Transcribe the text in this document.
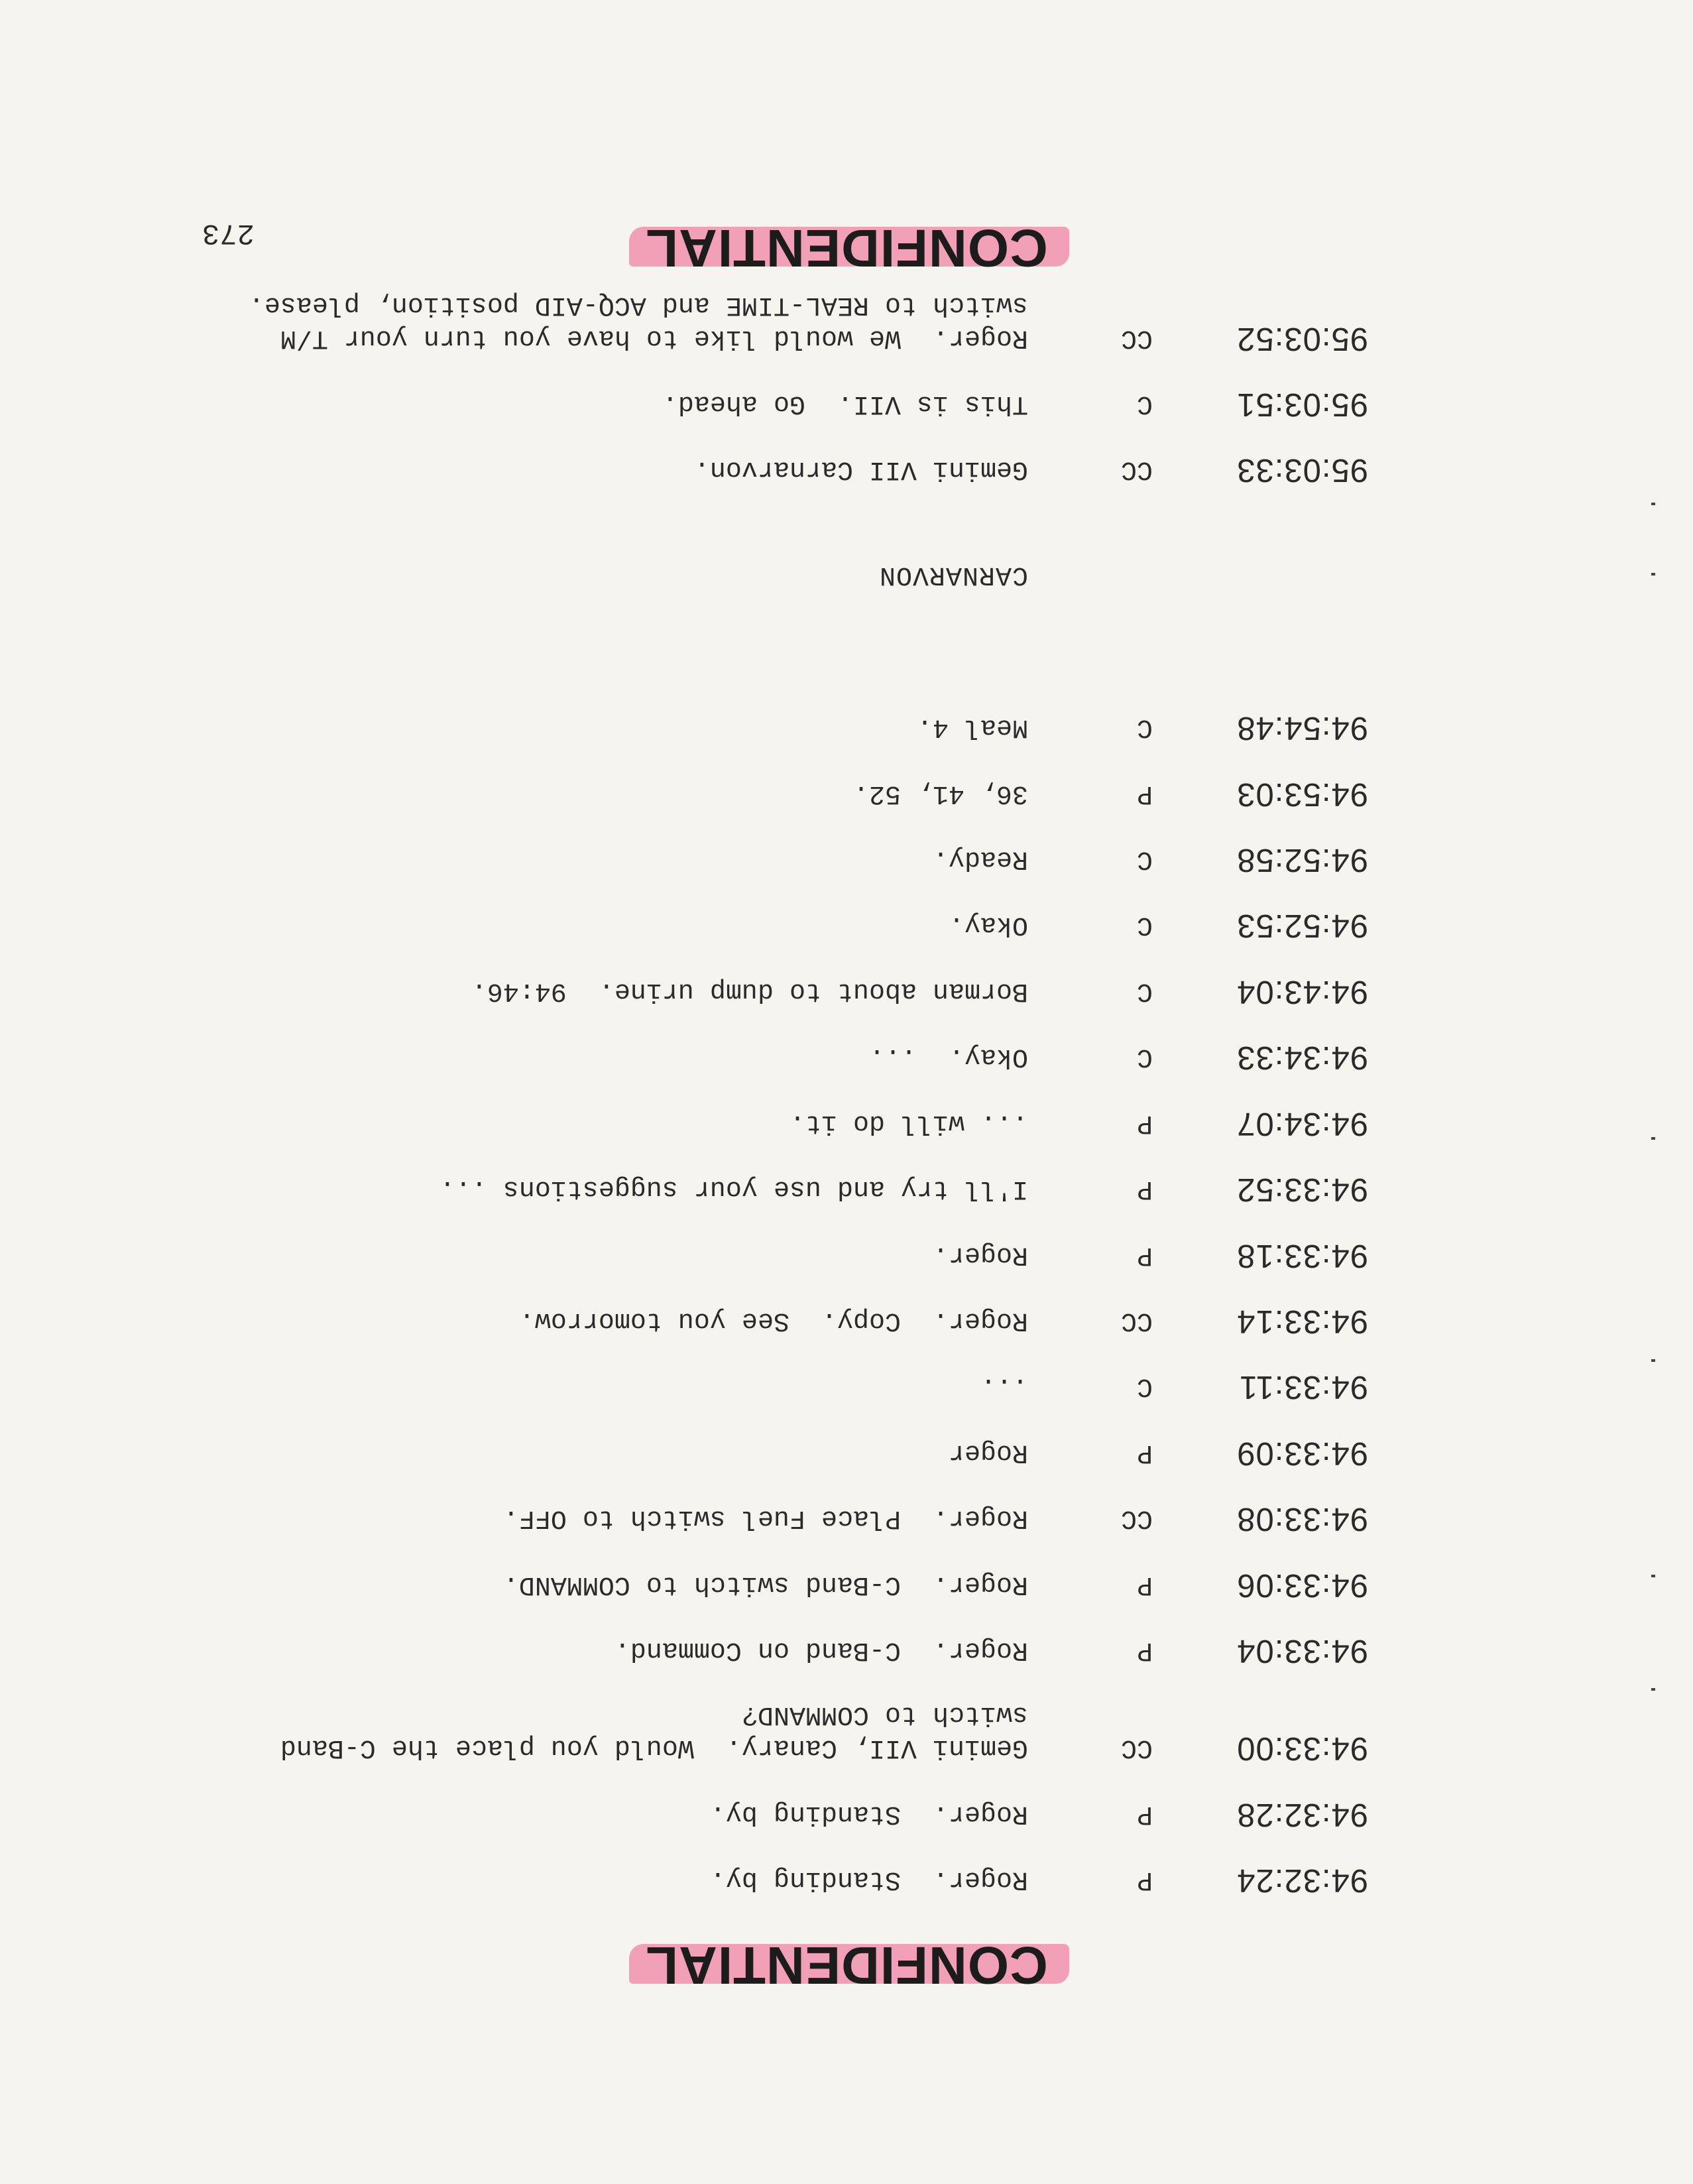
CONFIDENTIAL
273
94:32:24
P
Roger.  Standing by.
94:32:28
P
Roger.  Standing by.
94:33:00
CC
Gemini VII, Canary.  Would you place the C-Band
switch to COMMAND?
94:33:04
P
Roger.  C-Band on Command.
94:33:06
P
Roger.  C-Band switch to COMMAND.
94:33:08
CC
Roger.  Place Fuel switch to OFF.
94:33:09
P
Roger
94:33:11
C
...
94:33:14
CC
Roger.  Copy.  See you tomorrow.
94:33:18
P
Roger.
94:33:52
P
I'll try and use your suggestions ...
94:34:07
P
... will do it.
94:34:33
C
Okay.  ...
94:43:04
C
Borman about to dump urine.  94:46.
94:52:53
C
Okay.
94:52:58
C
Ready.
94:53:03
P
36, 41, 52.
94:54:48
C
Meal 4.
CARNARVON
95:03:33
CC
Gemini VII Carnarvon.
95:03:51
C
This is VII.  Go ahead.
95:03:52
CC
Roger.  We would like to have you turn your T/M
switch to REAL-TIME and ACQ-AID position, please.
CONFIDENTIAL
